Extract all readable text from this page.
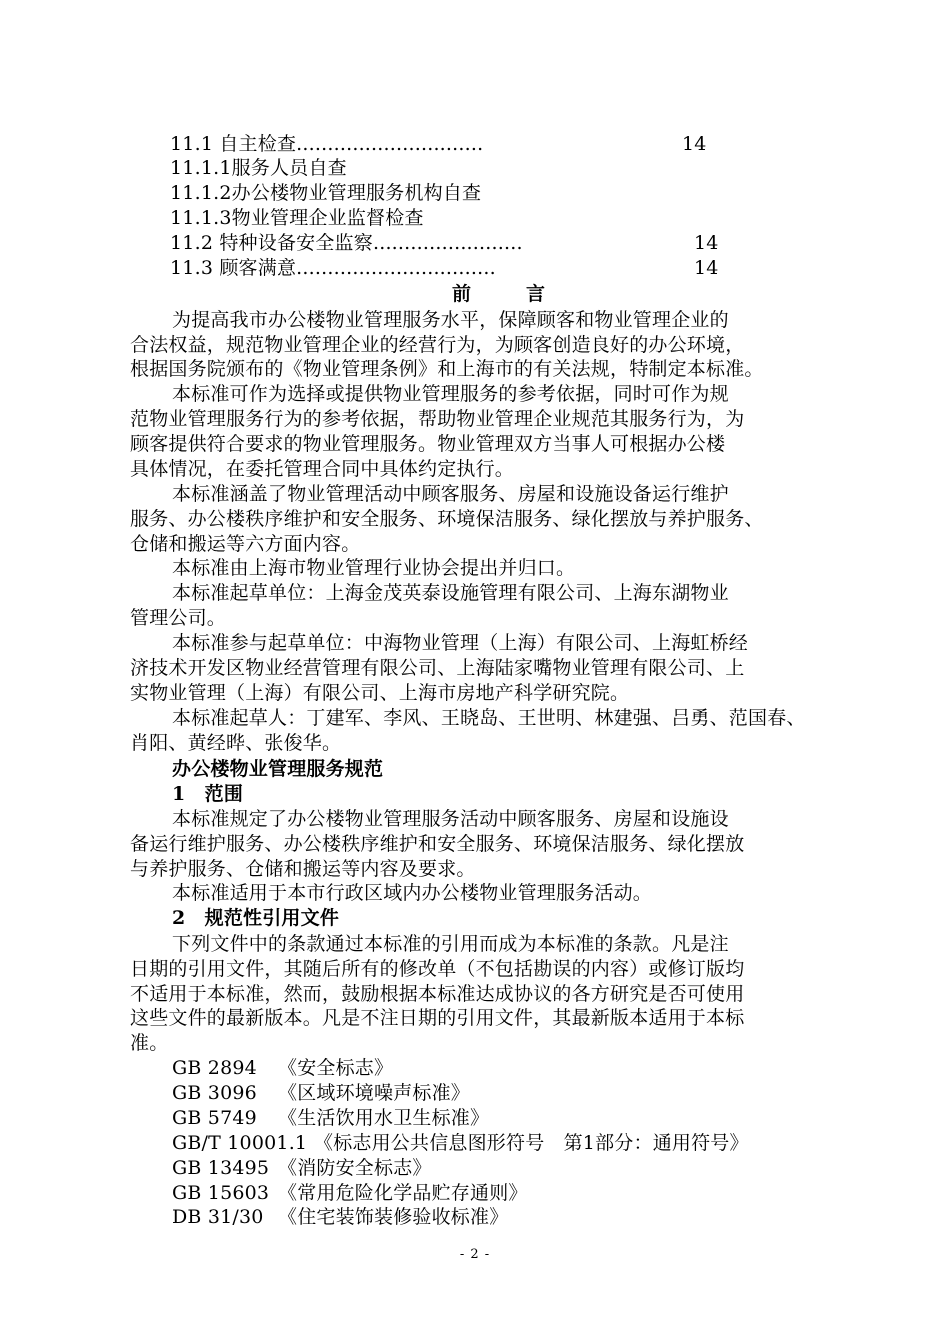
11.1 自主检查..............................	14
11.1.1服务人员自查
11.1.2办公楼物业管理服务机构自查
11.1.3物业管理企业监督检查
11.2 特种设备安全监察........................	14
11.3 顾客满意................................	14
前　言
为提高我市办公楼物业管理服务水平，保障顾客和物业管理企业的
合法权益，规范物业管理企业的经营行为，为顾客创造良好的办公环境，
根据国务院颁布的《物业管理条例》和上海市的有关法规，特制定本标准。
本标准可作为选择或提供物业管理服务的参考依据，同时可作为规
范物业管理服务行为的参考依据，帮助物业管理企业规范其服务行为，为
顾客提供符合要求的物业管理服务。物业管理双方当事人可根据办公楼
具体情况，在委托管理合同中具体约定执行。
本标准涵盖了物业管理活动中顾客服务、房屋和设施设备运行维护
服务、办公楼秩序维护和安全服务、环境保洁服务、绿化摆放与养护服务、
仓储和搬运等六方面内容。
本标准由上海市物业管理行业协会提出并归口。
本标准起草单位：上海金茂英泰设施管理有限公司、上海东湖物业
管理公司。
本标准参与起草单位：中海物业管理（上海）有限公司、上海虹桥经
济技术开发区物业经营管理有限公司、上海陆家嘴物业管理有限公司、上
实物业管理（上海）有限公司、上海市房地产科学研究院。
本标准起草人：丁建军、李风、王晓岛、王世明、林建强、吕勇、范国春、
肖阳、黄经晔、张俊华。
办公楼物业管理服务规范
1　范围
本标准规定了办公楼物业管理服务活动中顾客服务、房屋和设施设
备运行维护服务、办公楼秩序维护和安全服务、环境保洁服务、绿化摆放
与养护服务、仓储和搬运等内容及要求。
本标准适用于本市行政区域内办公楼物业管理服务活动。
2　规范性引用文件
下列文件中的条款通过本标准的引用而成为本标准的条款。凡是注
日期的引用文件，其随后所有的修改单（不包括勘误的内容）或修订版均
不适用于本标准，然而，鼓励根据本标准达成协议的各方研究是否可使用
这些文件的最新版本。凡是不注日期的引用文件，其最新版本适用于本标
准。
GB 2894 《安全标志》
GB 3096 《区域环境噪声标准》
GB 5749 《生活饮用水卫生标准》
GB/T 10001.1 《标志用公共信息图形符号　第1部分：通用符号》
GB 13495 《消防安全标志》
GB 15603 《常用危险化学品贮存通则》
DB 31/30 《住宅装饰装修验收标准》
- 2 -
